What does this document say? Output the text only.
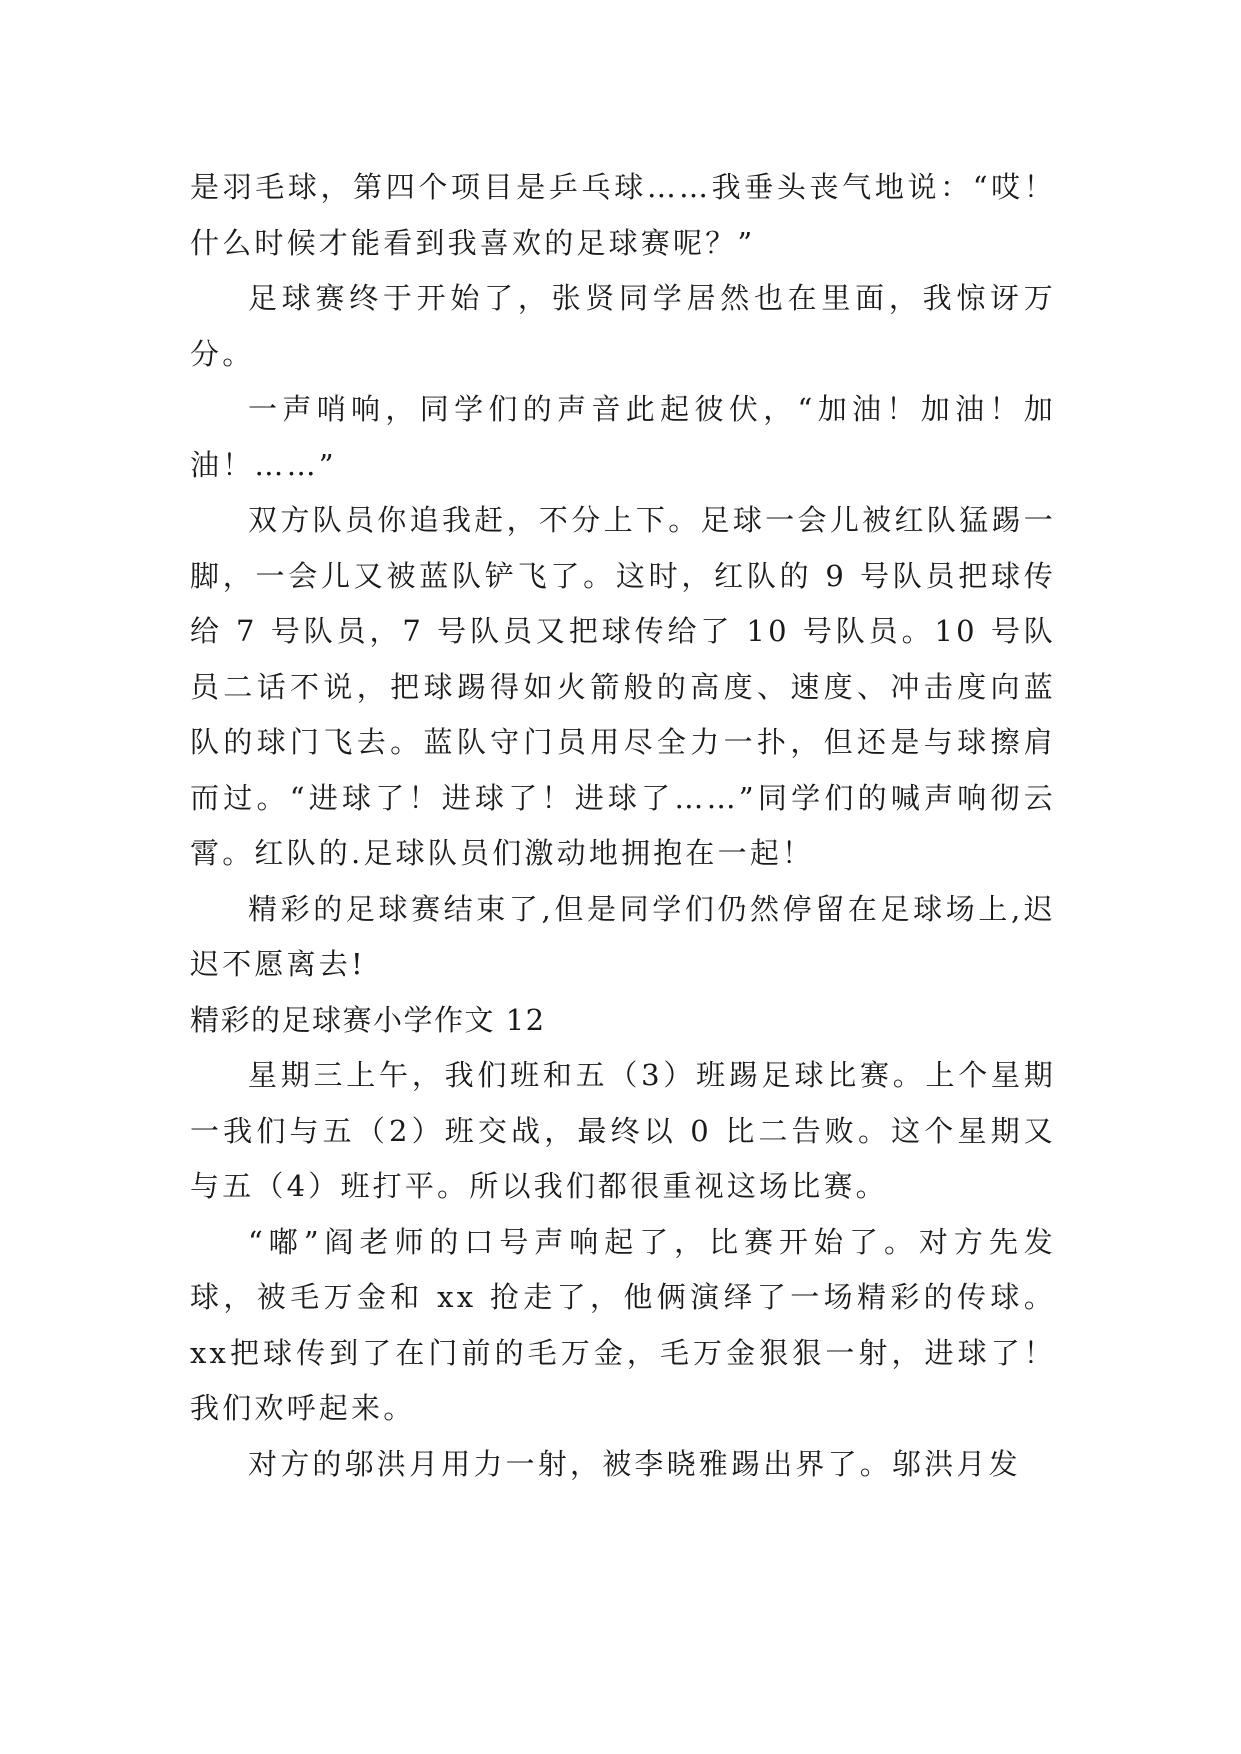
是羽毛球，第四个项目是乒乓球……我垂头丧气地说：“哎！什么时候才能看到我喜欢的足球赛呢？”

足球赛终于开始了，张贤同学居然也在里面，我惊讶万分。

一声哨响，同学们的声音此起彼伏，“加油！加油！加油！……”

双方队员你追我赶，不分上下。足球一会儿被红队猛踢一脚，一会儿又被蓝队铲飞了。这时，红队的 9 号队员把球传给 7 号队员，7 号队员又把球传给了 10 号队员。10 号队员二话不说，把球踢得如火箭般的高度、速度、冲击度向蓝队的球门飞去。蓝队守门员用尽全力一扑，但还是与球擦肩而过。“进球了！进球了！进球了……”同学们的喊声响彻云霄。红队的.足球队员们激动地拥抱在一起！

精彩的足球赛结束了,但是同学们仍然停留在足球场上,迟迟不愿离去!

精彩的足球赛小学作文 12

星期三上午，我们班和五（3）班踢足球比赛。上个星期一我们与五（2）班交战，最终以 0 比二告败。这个星期又与五（4）班打平。所以我们都很重视这场比赛。

“嘟”阎老师的口号声响起了，比赛开始了。对方先发球，被毛万金和 xx 抢走了，他俩演绎了一场精彩的传球。xx把球传到了在门前的毛万金，毛万金狠狠一射，进球了！我们欢呼起来。

对方的邬洪月用力一射，被李晓雅踢出界了。邬洪月发
